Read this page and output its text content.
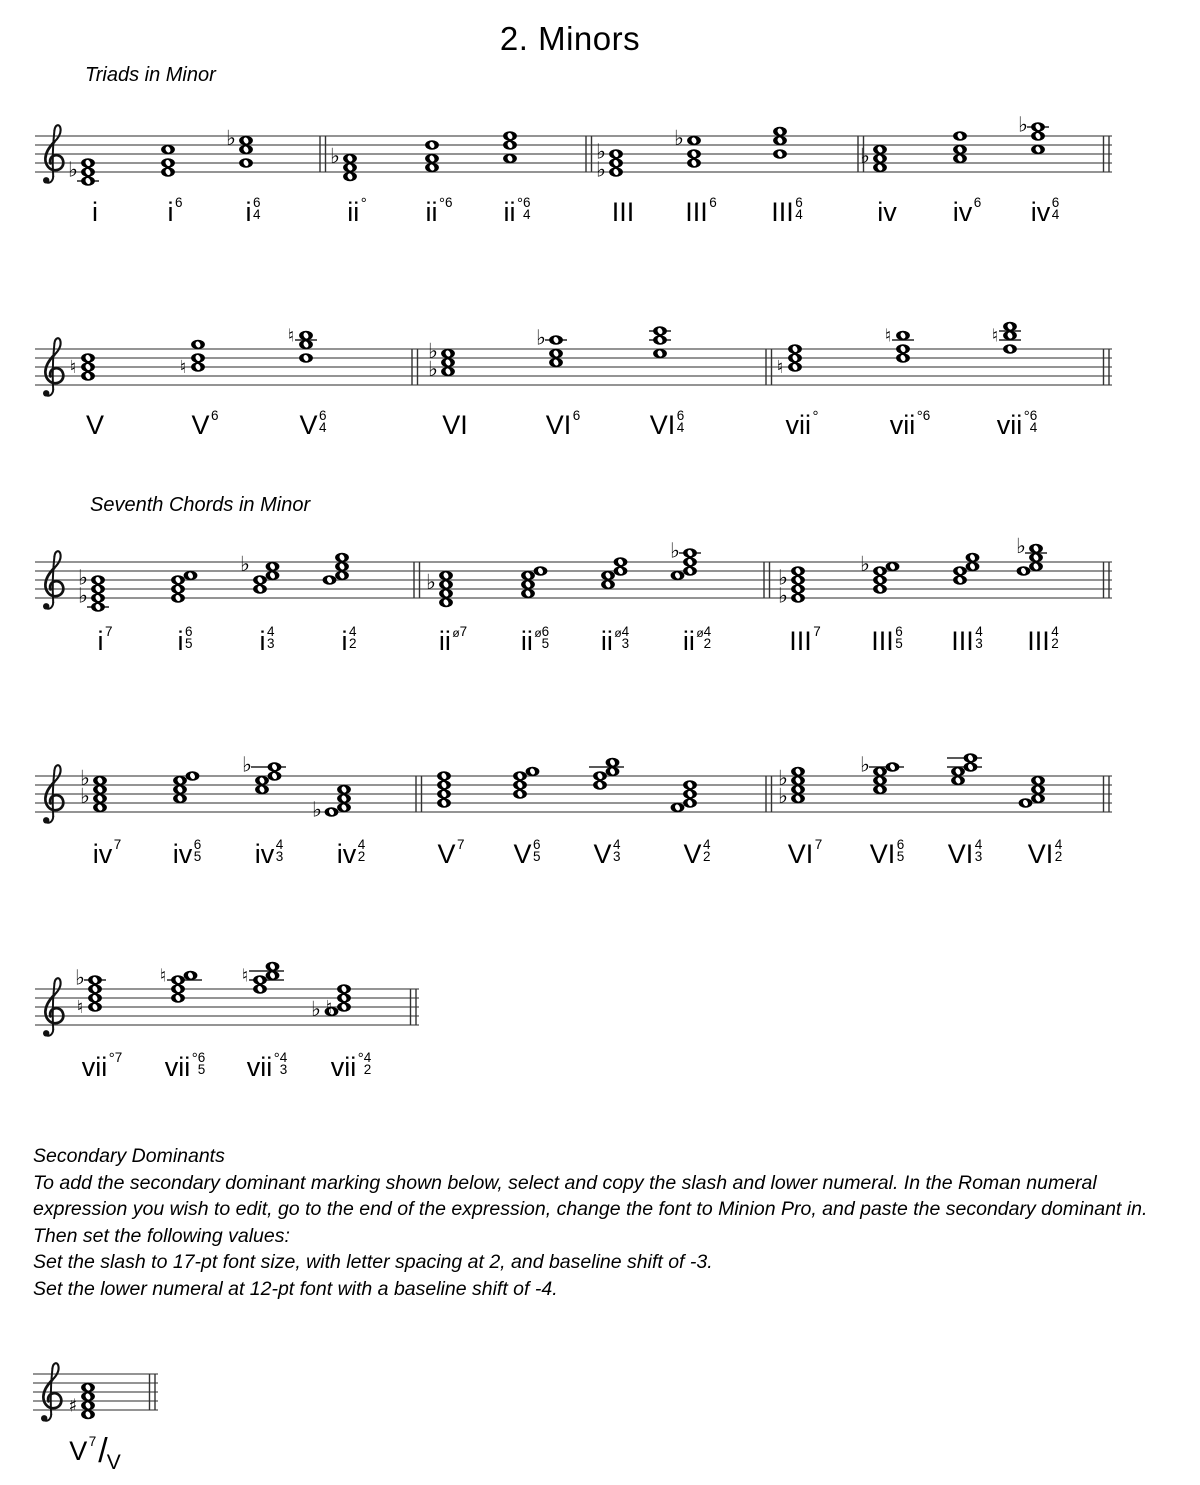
2. Minors
Triads in Minor
Seventh Chords in Minor
♭
♭
♭
♭
♭
♭
♭
♭
♮	♮
♮
♭
♭
♭
♮
♮	♮
♭
♭
♭
♭
♭
♭
♭
♭
♭
♭
♭
♭
♭
♭
♭
♭
♮
♭	♮	♮
♭ ♮
♯
i	i 6 i 6
4	ii ° ii ° 6 ii ° 6
4	III III 6 III 6
4	iv iv 6 iv 6
4
V	V 6	V 6
4	VI	VI 6	VI 6
4	vii °	vii ° 6 vii ° 6
4
i 7 i 6
5 i 4
3 i 4
2	ii ø 7 ii ø 6
5 ii ø 4
3 ii ø 4
2	III 7 III 6
5 III 4
3 III 4
2
iv 7 iv 6
5 iv 4
3 iv 4
2	V 7 V 6
5 V 4
3 V 4
2	VI 7 VI 6
5 VI 4
3 VI 4
2
vii ° 7 vii ° 6
5 vii ° 4
3 vii ° 4
2
V 7 / V
Secondary Dominants
To add the secondary dominant marking shown below, select and copy the slash and lower numeral. In the Roman numeral
expression you wish to edit, go to the end of the expression, change the font to Minion Pro, and paste the secondary dominant in.
Then set the following values:
Set the slash to 17-pt font size, with letter spacing at 2, and baseline shift of -3.
Set the lower numeral at 12-pt font with a baseline shift of -4.
